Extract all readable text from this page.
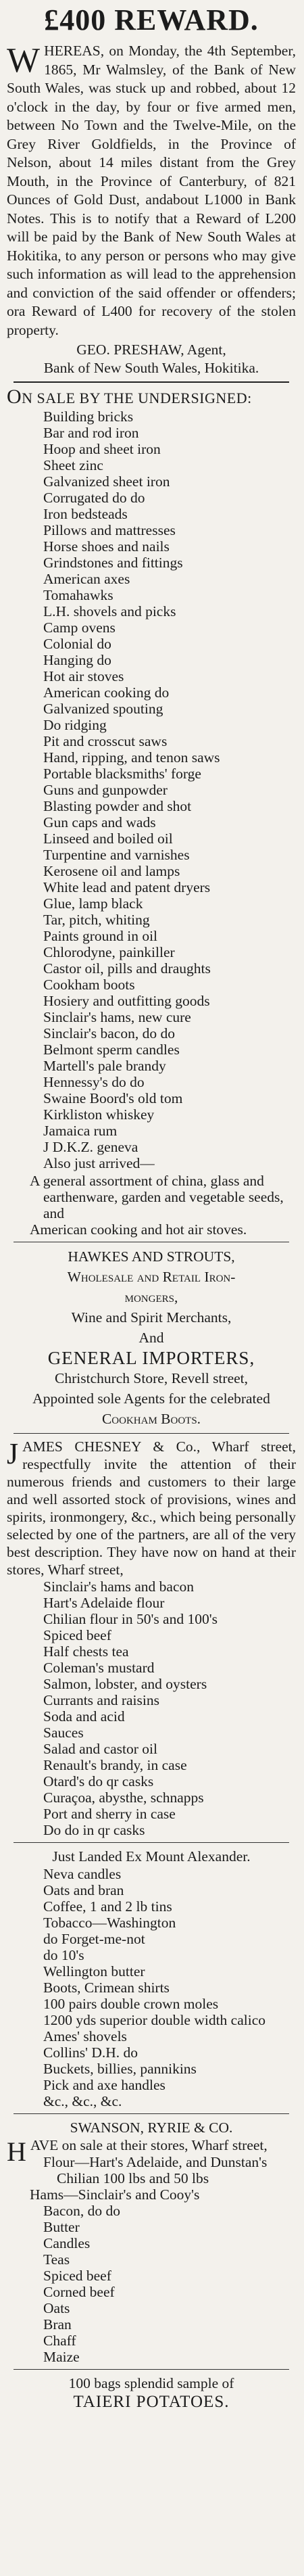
£400 REWARD.

WHEREAS, on Monday, the 4th September, 1865, Mr Walmsley, of the Bank of New South Wales, was stuck up and robbed, about 12 o'clock in the day, by four or five armed men, between No Town and the Twelve-Mile, on the Grey River Goldfields, in the Province of Nelson, about 14 miles distant from the Grey Mouth, in the Province of Canterbury, of 821 Ounces of Gold Dust, andabout L1000 in Bank Notes. This is to notify that a Reward of L200 will be paid by the Bank of New South Wales at Hokitika, to any person or persons who may give such information as will lead to the apprehension and conviction of the said offender or offenders; ora Reward of L400 for recovery of the stolen property.

GEO. PRESHAW, Agent,
Bank of New South Wales, Hokitika.
ON SALE BY THE UNDERSIGNED:
Building bricks
Bar and rod iron
Hoop and sheet iron
Sheet zinc
Galvanized sheet iron
Corrugated do do
Iron bedsteads
Pillows and mattresses
Horse shoes and nails
Grindstones and fittings
American axes
Tomahawks
L.H. shovels and picks
Camp ovens
Colonial do
Hanging do
Hot air stoves
American cooking do
Galvanized spouting
Do ridging
Pit and crosscut saws
Hand, ripping, and tenon saws
Portable blacksmiths' forge
Guns and gunpowder
Blasting powder and shot
Gun caps and wads
Linseed and boiled oil
Turpentine and varnishes
Kerosene oil and lamps
White lead and patent dryers
Glue, lamp black
Tar, pitch, whiting
Paints ground in oil
Chlorodyne, painkiller
Castor oil, pills and draughts
Cookham boots
Hosiery and outfitting goods
Sinclair's hams, new cure
Sinclair's bacon, do do
Belmont sperm candles
Martell's pale brandy
Hennessy's do do
Swaine Boord's old tom
Kirkliston whiskey
Jamaica rum
J D.K.Z. geneva
Also just arrived—

A general assortment of china, glass and earthenware, garden and vegetable seeds, and

American cooking and hot air stoves.

HAWKES AND STROUTS,
Wholesale and Retail Iron-
mongers,
Wine and Spirit Merchants,
And
GENERAL IMPORTERS,
Christchurch Store, Revell street,
Appointed sole Agents for the celebrated
Cookham Boots.

JAMES CHESNEY & Co., Wharf street, respectfully invite the attention of their numerous friends and customers to their large and well assorted stock of provisions, wines and spirits, ironmongery, &c., which being personally selected by one of the partners, are all of the very best description. They have now on hand at their stores, Wharf street,

Sinclair's hams and bacon
Hart's Adelaide flour
Chilian flour in 50's and 100's
Spiced beef
Half chests tea
Coleman's mustard
Salmon, lobster, and oysters
Currants and raisins
Soda and acid
Sauces
Salad and castor oil
Renault's brandy, in case
Otard's do qr casks
Curaçoa, abysthe, schnapps
Port and sherry in case
Do do in qr casks
Just Landed Ex Mount Alexander.
Neva candles
Oats and bran
Coffee, 1 and 2 lb tins
Tobacco—Washington
do Forget-me-not
do 10's
Wellington butter
Boots, Crimean shirts
100 pairs double crown moles
1200 yds superior double width calico
Ames' shovels
Collins' D.H. do
Buckets, billies, pannikins
Pick and axe handles
&c., &c., &c.
SWANSON, RYRIE & CO.

HAVE on sale at their stores, Wharf street,

Flour—Hart's Adelaide, and Dunstan's Chilian 100 lbs and 50 lbs

Hams—Sinclair's and Cooy's

Bacon, do do
Butter
Candles
Teas
Spiced beef
Corned beef
Oats
Bran
Chaff
Maize
100 bags splendid sample of
TAIERI POTATOES.
